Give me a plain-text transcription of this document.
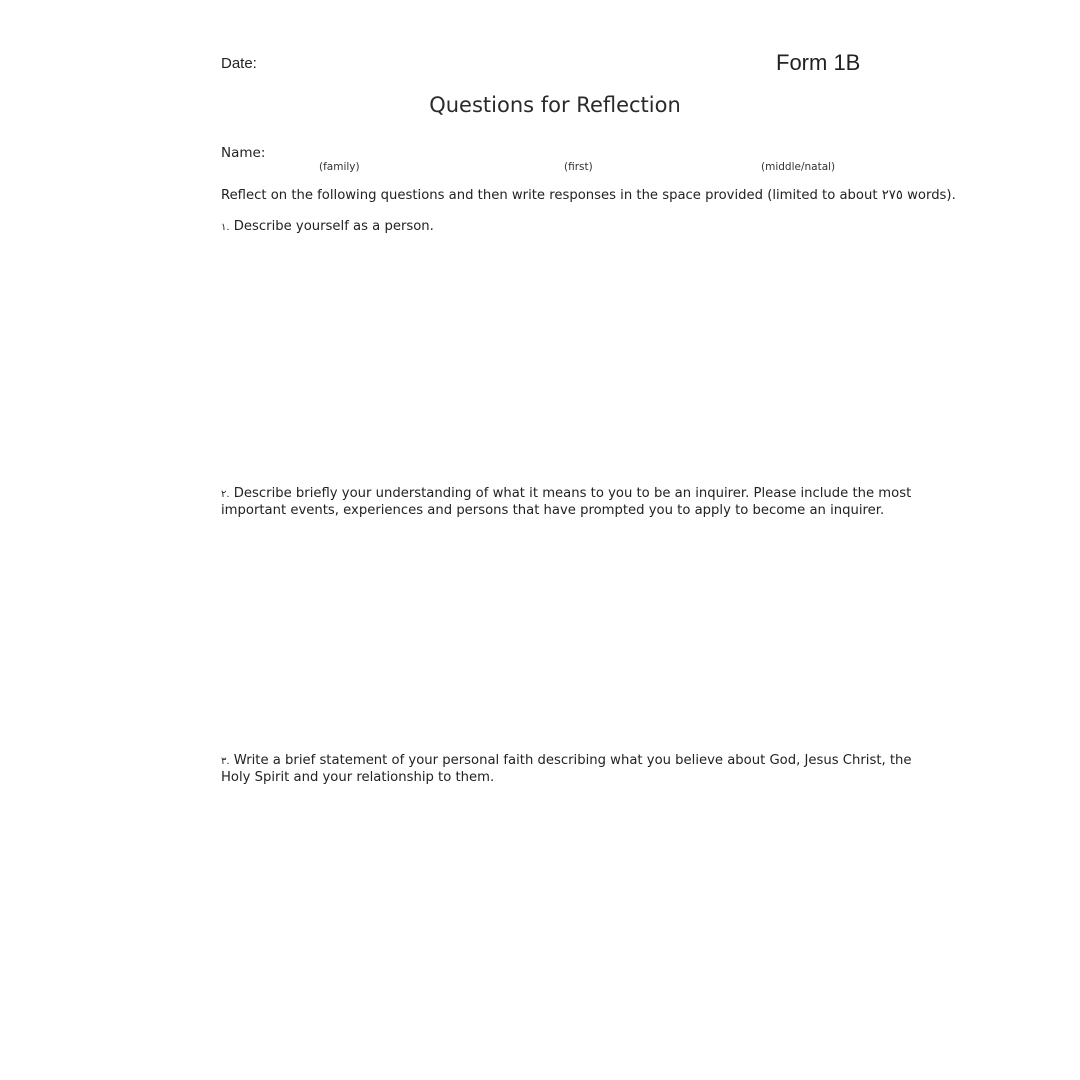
Date:	Form 1B
Questions for Reflection
Name:
(family)	(first)	(middle/natal)
Reflect on the following questions and then write responses in the space provided (limited to about ٢٧٥ words).
١. Describe yourself as a person.
٢. Describe briefly your understanding of what it means to you to be an inquirer. Please include the most important events, experiences and persons that have prompted you to apply to become an inquirer.
٣. Write a brief statement of your personal faith describing what you believe about God, Jesus Christ, the Holy Spirit and your relationship to them.
